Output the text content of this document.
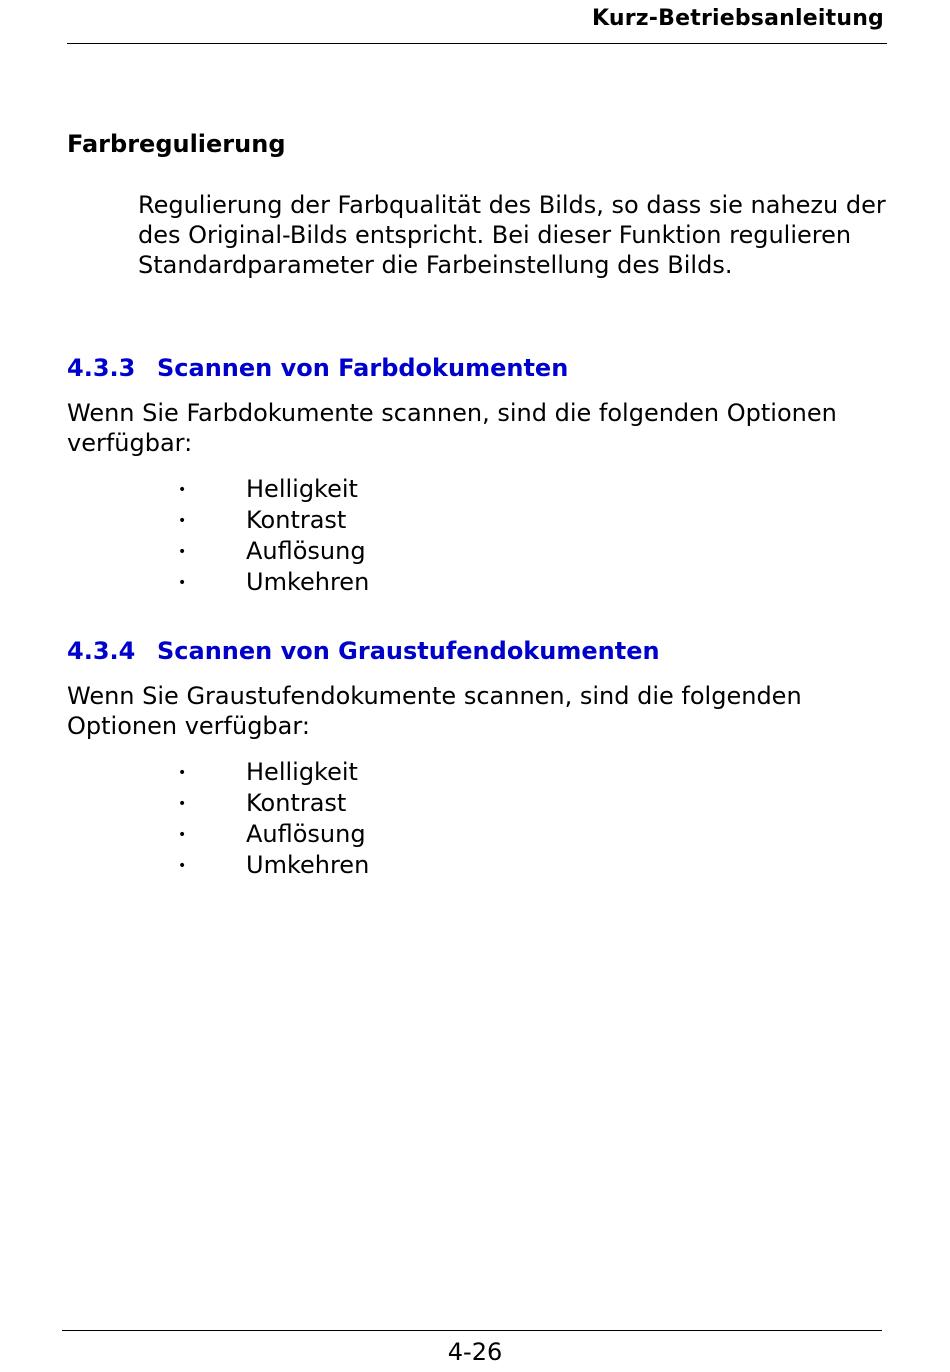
Kurz-Betriebsanleitung
Farbregulierung
Regulierung der Farbqualität des Bilds, so dass sie nahezu der des Original-Bilds entspricht. Bei dieser Funktion regulieren Standardparameter die Farbeinstellung des Bilds.
4.3.3 Scannen von Farbdokumenten
Wenn Sie Farbdokumente scannen, sind die folgenden Optionen verfügbar:
• Helligkeit
• Kontrast
• Auflösung
• Umkehren
4.3.4 Scannen von Graustufendokumenten
Wenn Sie Graustufendokumente scannen, sind die folgenden Optionen verfügbar:
• Helligkeit
• Kontrast
• Auflösung
• Umkehren
4-26
